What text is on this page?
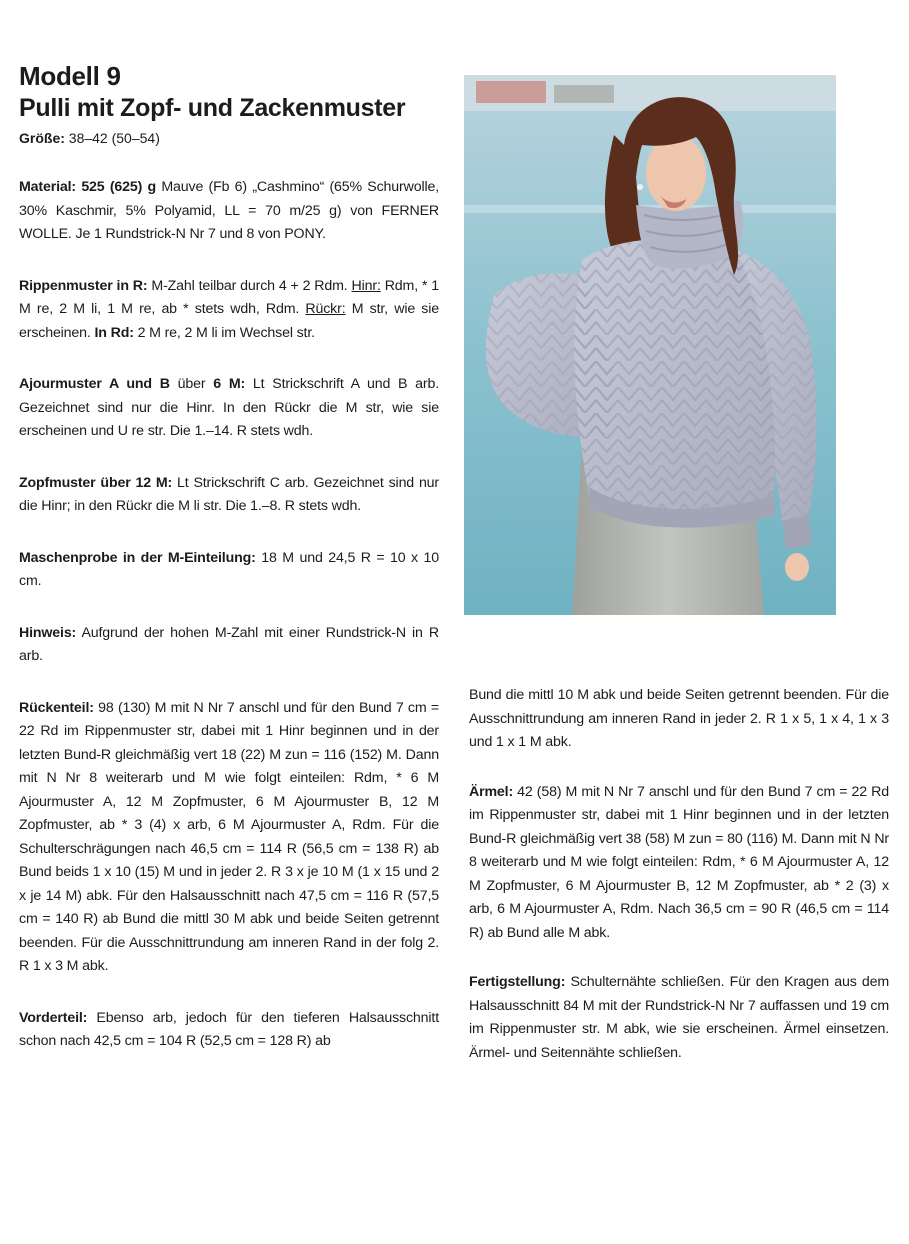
Modell 9
Pulli mit Zopf- und Zackenmuster
Größe: 38–42 (50–54)

Material: 525 (625) g Mauve (Fb 6) „Cashmino“ (65% Schurwolle, 30% Kaschmir, 5% Polyamid, LL = 70 m/25 g) von FERNER WOLLE. Je 1 Rundstrick-N Nr 7 und 8 von PONY.

Rippenmuster in R: M-Zahl teilbar durch 4 + 2 Rdm. Hinr: Rdm, * 1 M re, 2 M li, 1 M re, ab * stets wdh, Rdm. Rückr: M str, wie sie erscheinen. In Rd: 2 M re, 2 M li im Wechsel str.

Ajourmuster A und B über 6 M: Lt Strickschrift A und B arb. Gezeichnet sind nur die Hinr. In den Rückr die M str, wie sie erscheinen und U re str. Die 1.–14. R stets wdh.

Zopfmuster über 12 M: Lt Strickschrift C arb. Gezeichnet sind nur die Hinr; in den Rückr die M li str. Die 1.–8. R stets wdh.

Maschenprobe in der M-Einteilung: 18 M und 24,5 R = 10 x 10 cm.

Hinweis: Aufgrund der hohen M-Zahl mit einer Rundstrick-N in R arb.

Rückenteil: 98 (130) M mit N Nr 7 anschl und für den Bund 7 cm = 22 Rd im Rippenmuster str, dabei mit 1 Hinr beginnen und in der letzten Bund-R gleichmäßig vert 18 (22) M zun = 116 (152) M. Dann mit N Nr 8 weiterarb und M wie folgt einteilen: Rdm, * 6 M Ajourmuster A, 12 M Zopfmuster, 6 M Ajourmuster B, 12 M Zopfmuster, ab * 3 (4) x arb, 6 M Ajourmuster A, Rdm. Für die Schulterschrägungen nach 46,5 cm = 114 R (56,5 cm = 138 R) ab Bund beids 1 x 10 (15) M und in jeder 2. R 3 x je 10 M (1 x 15 und 2 x je 14 M) abk. Für den Halsausschnitt nach 47,5 cm = 116 R (57,5 cm = 140 R) ab Bund die mittl 30 M abk und beide Seiten getrennt beenden. Für die Ausschnittrundung am inneren Rand in der folg 2. R 1 x 3 M abk.

Vorderteil: Ebenso arb, jedoch für den tieferen Halsausschnitt schon nach 42,5 cm = 104 R (52,5 cm = 128 R) ab

Bund die mittl 10 M abk und beide Seiten getrennt beenden. Für die Ausschnittrundung am inneren Rand in jeder 2. R 1 x 5, 1 x 4, 1 x 3 und 1 x 1 M abk.

Ärmel: 42 (58) M mit N Nr 7 anschl und für den Bund 7 cm = 22 Rd im Rippenmuster str, dabei mit 1 Hinr beginnen und in der letzten Bund-R gleichmäßig vert 38 (58) M zun = 80 (116) M. Dann mit N Nr 8 weiterarb und M wie folgt einteilen: Rdm, * 6 M Ajourmuster A, 12 M Zopfmuster, 6 M Ajourmuster B, 12 M Zopfmuster, ab * 2 (3) x arb, 6 M Ajourmuster A, Rdm. Nach 36,5 cm = 90 R (46,5 cm = 114 R) ab Bund alle M abk.

Fertigstellung: Schulternähte schließen. Für den Kragen aus dem Halsausschnitt 84 M mit der Rundstrick-N Nr 7 auffassen und 19 cm im Rippenmuster str. M abk, wie sie erscheinen. Ärmel einsetzen. Ärmel- und Seitennähte schließen.
